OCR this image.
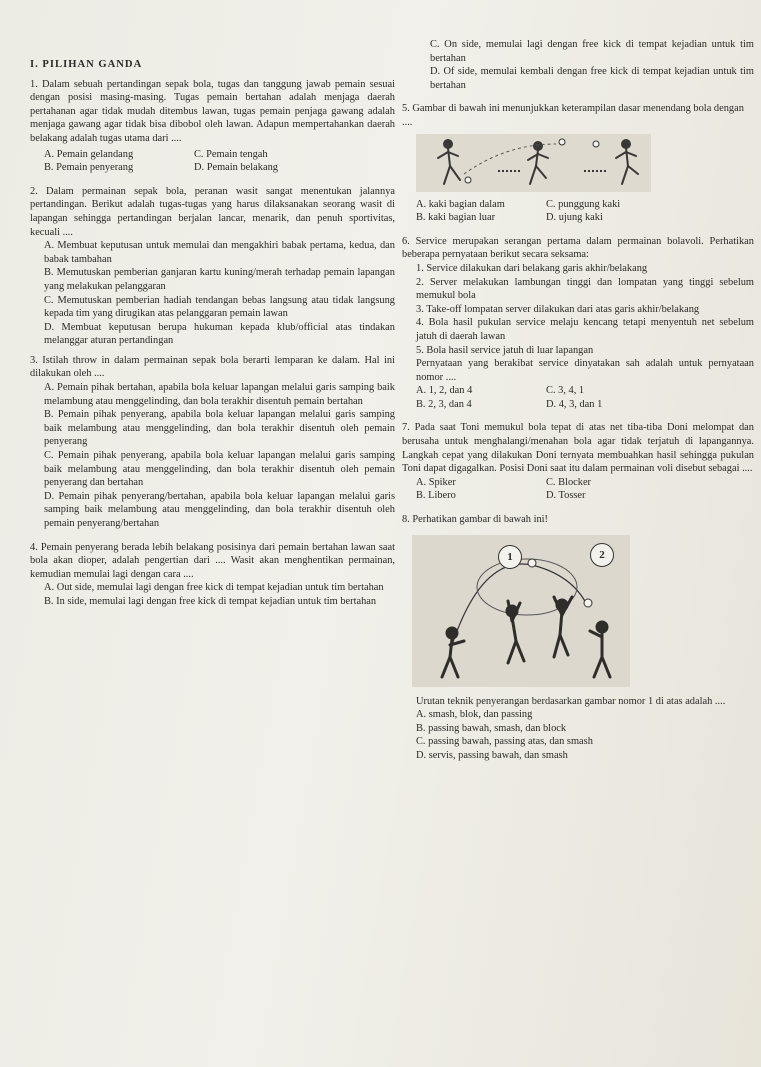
I. PILIHAN GANDA

1. Dalam sebuah pertandingan sepak bola, tugas dan tanggung jawab pemain sesuai dengan posisi masing-masing. Tugas pemain bertahan adalah menjaga daerah pertahanan agar tidak mudah ditembus lawan, tugas pemain penjaga gawang adalah menjaga gawang agar tidak bisa dibobol oleh lawan. Adapun mempertahankan daerah belakang adalah tugas utama dari ....

A. Pemain gelandang	C. Pemain tengah
B. Pemain penyerang	D. Pemain belakang

2. Dalam permainan sepak bola, peranan wasit sangat menentukan jalannya pertandingan. Berikut adalah tugas-tugas yang harus dilaksanakan seorang wasit di lapangan sehingga pertandingan berjalan lancar, menarik, dan penuh sportivitas, kecuali ....

A. Membuat keputusan untuk memulai dan mengakhiri babak pertama, kedua, dan babak tambahan

B. Memutuskan pemberian ganjaran kartu kuning/merah terhadap pemain lapangan yang melakukan pelanggaran

C. Memutuskan pemberian hadiah tendangan bebas langsung atau tidak langsung kepada tim yang dirugikan atas pelanggaran pemain lawan

D. Membuat keputusan berupa hukuman kepada klub/official atas tindakan melanggar aturan pertandingan

3. Istilah throw in dalam permainan sepak bola berarti lemparan ke dalam. Hal ini dilakukan oleh ....

A. Pemain pihak bertahan, apabila bola keluar lapangan melalui garis samping baik melambung atau menggelinding, dan bola terakhir disentuh pemain bertahan

B. Pemain pihak penyerang, apabila bola keluar lapangan melalui garis samping baik melambung atau menggelinding, dan bola terakhir disentuh oleh pemain penyerang

C. Pemain pihak penyerang, apabila bola keluar lapangan melalui garis samping baik melambung atau menggelinding, dan bola terakhir disentuh oleh pemain penyerang dan bertahan

D. Pemain pihak penyerang/bertahan, apabila bola keluar lapangan melalui garis samping baik melambung atau menggelinding, dan bola terakhir disentuh oleh pemain penyerang/bertahan

4. Pemain penyerang berada lebih belakang posisinya dari pemain bertahan lawan saat bola akan dioper, adalah pengertian dari .... Wasit akan menghentikan permainan, kemudian memulai lagi dengan cara ....

A. Out side, memulai lagi dengan free kick di tempat kejadian untuk tim bertahan

B. In side, memulai lagi dengan free kick di tempat kejadian untuk tim bertahan

C. On side, memulai lagi dengan free kick di tempat kejadian untuk tim bertahan

D. Of side, memulai kembali dengan free kick di tempat kejadian untuk tim bertahan

5. Gambar di bawah ini menunjukkan keterampilan dasar menendang bola dengan ....

A. kaki bagian dalam	C. punggung kaki
B. kaki bagian luar	D. ujung kaki

6. Service merupakan serangan pertama dalam permainan bolavoli. Perhatikan beberapa pernyataan berikut secara seksama:

1. Service dilakukan dari belakang garis akhir/belakang

2. Server melakukan lambungan tinggi dan lompatan yang tinggi sebelum memukul bola

3. Take-off lompatan server dilakukan dari atas garis akhir/belakang

4. Bola hasil pukulan service melaju kencang tetapi menyentuh net sebelum jatuh di daerah lawan

5. Bola hasil service jatuh di luar lapangan

Pernyataan yang berakibat service dinyatakan sah adalah untuk pernyataan nomor ....

A. 1, 2, dan 4	C. 3, 4, 1
B. 2, 3, dan 4	D. 4, 3, dan 1

7. Pada saat Toni memukul bola tepat di atas net tiba-tiba Doni melompat dan berusaha untuk menghalangi/menahan bola agar tidak terjatuh di lapangannya. Langkah cepat yang dilakukan Doni ternyata membuahkan hasil sehingga pukulan Toni dapat digagalkan. Posisi Doni saat itu dalam permainan voli disebut sebagai ....

A. Spiker	C. Blocker
B. Libero	D. Tosser

8. Perhatikan gambar di bawah ini!

1	2

Urutan teknik penyerangan berdasarkan gambar nomor 1 di atas adalah ....

A. smash, blok, dan passing

B. passing bawah, smash, dan block

C. passing bawah, passing atas, dan smash

D. servis, passing bawah, dan smash
